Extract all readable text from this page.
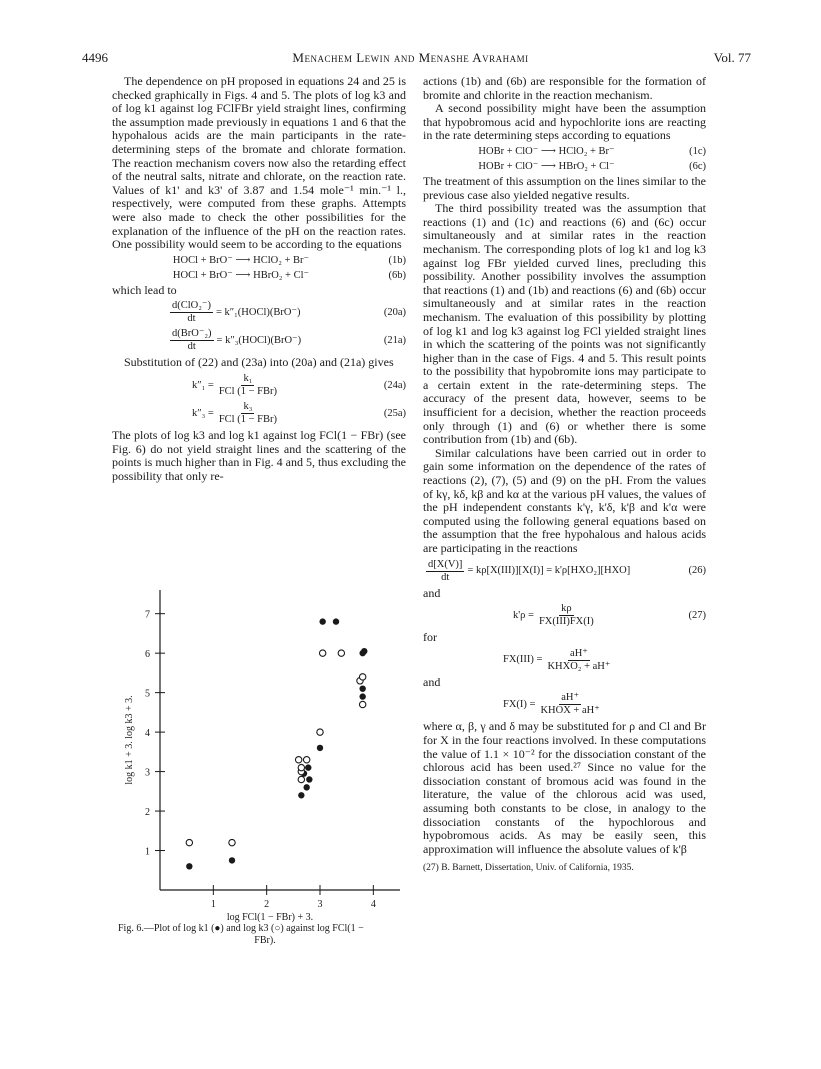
4496	Menachem Lewin and Menashe Avrahami	Vol. 77

The dependence on pH proposed in equations 24 and 25 is checked graphically in Figs. 4 and 5. The plots of log k3 and of log k1 against log FClFBr yield straight lines, confirming the assumption made previously in equations 1 and 6 that the hypohalous acids are the main participants in the rate-determining steps of the bromate and chlorate formation. The reaction mechanism covers now also the retarding effect of the neutral salts, nitrate and chlorate, on the reaction rate. Values of k1' and k3' of 3.87 and 1.54 mole⁻¹ min.⁻¹ l., respectively, were computed from these graphs. Attempts were also made to check the other possibilities for the explanation of the influence of the pH on the reaction rates. One possibility would seem to be according to the equations

HOCl + BrO⁻ ⟶ HClO₂ + Br⁻	(1b)
HOCl + BrO⁻ ⟶ HBrO₂ + Cl⁻	(6b)

which lead to

$\frac{\text{d(ClO₂⁻)}}{dt}$ = k″₁(HOCl)(BrO⁻)	(20a)
$\frac{\text{d(BrO⁻₂)}}{dt}$ = k″₃(HOCl)(BrO⁻)	(21a)

Substitution of (22) and (23a) into (20a) and (21a) gives

$k''_1 = \frac{\text{k₁}}{\text{FCl (1 − FBr)}}$	(24a)
$k''_3 = \frac{\text{k₃}}{\text{FCl (1 − FBr)}}$	(25a)

The plots of log k3 and log k1 against log FCl(1 − FBr) (see Fig. 6) do not yield straight lines and the scattering of the points is much higher than in Fig. 4 and 5, thus excluding the possibility that only re-

1	2	3	4
1
2
3
4
5
6
7
log FCl(1 − FBr) + 3.
log k1 + 3. log k3 + 3.
Fig. 6.—Plot of log k1 (●) and log k3 (○) against log FCl(1 −
FBr).

actions (1b) and (6b) are responsible for the formation of bromite and chlorite in the reaction mechanism.

A second possibility might have been the assumption that hypobromous acid and hypochlorite ions are reacting in the rate determining steps according to equations

HOBr + ClO⁻ ⟶ HClO₂ + Br⁻	(1c)
HOBr + ClO⁻ ⟶ HBrO₂ + Cl⁻	(6c)

The treatment of this assumption on the lines similar to the previous case also yielded negative results.

The third possibility treated was the assumption that reactions (1) and (1c) and reactions (6) and (6c) occur simultaneously and at similar rates in the reaction mechanism. The corresponding plots of log k1 and log k3 against log FBr yielded curved lines, precluding this possibility. Another possibility involves the assumption that reactions (1) and (1b) and reactions (6) and (6b) occur simultaneously and at similar rates in the reaction mechanism. The evaluation of this possibility by plotting of log k1 and log k3 against log FCl yielded straight lines in which the scattering of the points was not significantly higher than in the case of Figs. 4 and 5. This result points to the possibility that hypobromite ions may participate to a certain extent in the rate-determining steps. The accuracy of the present data, however, seems to be insufficient for a decision, whether the reaction proceeds only through (1) and (6) or whether there is some contribution from (1b) and (6b).

Similar calculations have been carried out in order to gain some information on the dependence of the rates of reactions (2), (7), (5) and (9) on the pH. From the values of kγ, kδ, kβ and kα at the various pH values, the values of the pH independent constants k'γ, k'δ, k'β and k'α were computed using the following general equations based on the assumption that the free hypohalous and halous acids are participating in the reactions

$\frac{d[X(V)]}{dt} = k\rho[X(III)][X(I)] = k'\rho[HXO_2][HXO]$	(26)

and

$k'\rho = \frac{k\rho}{\text{FX(III)FX(I)}}$	(27)

for

$FX(III) = \frac{aH^+}{\text{KHXO₂ + aH⁺}}$

and

$FX(I) = \frac{aH^+}{\text{KHOX + aH⁺}}$

where α, β, γ and δ may be substituted for ρ and Cl and Br for X in the four reactions involved. In these computations the value of 1.1 × 10⁻² for the dissociation constant of the chlorous acid has been used.²⁷ Since no value for the dissociation constant of bromous acid was found in the literature, the value of the chlorous acid was used, assuming both constants to be close, in analogy to the dissociation constants of the hypochlorous and hypobromous acids. As may be easily seen, this approximation will influence the absolute values of k'β

(27) B. Barnett, Dissertation, Univ. of California, 1935.
